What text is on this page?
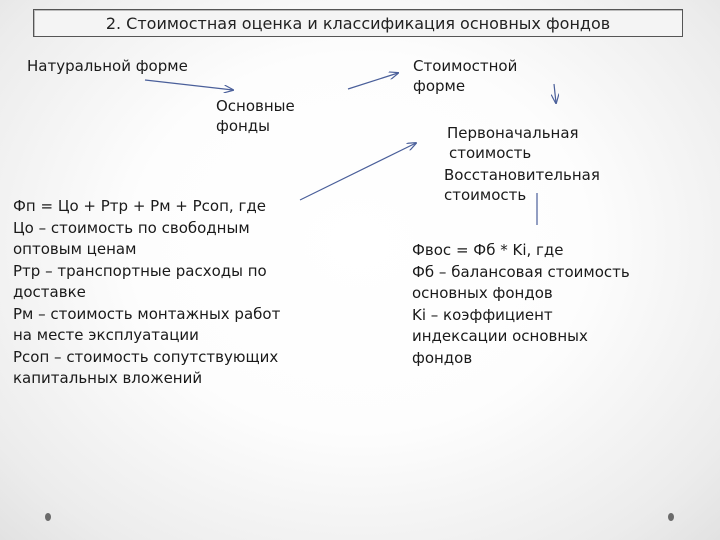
2. Стоимостная оценка и классификация основных фондов
Натуральной форме	Стоимостной
форме
Основные
фонды	Первоначальная
стоимость
Восстановительная
стоимость
Фп = Цо + Ртр + Рм + Рсоп, где
Цо – стоимость по свободным
оптовым ценам
Ртр – транспортные расходы по
доставке
Рм – стоимость монтажных работ
на месте эксплуатации
Рсоп – стоимость сопутствующих
капитальных вложений
Фвос = Фб * Ki, где
Фб – балансовая стоимость
основных фондов
Ki – коэффициент
индексации основных
фондов
